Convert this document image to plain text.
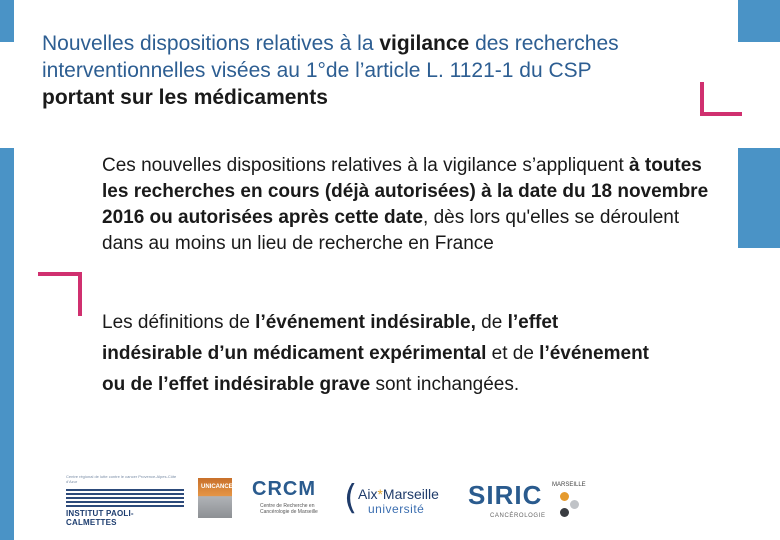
Nouvelles dispositions relatives à la vigilance des recherches
interventionnelles visées au 1°de l’article L. 1121-1 du CSP
portant sur les médicaments
Ces nouvelles dispositions relatives à la vigilance s’appliquent à toutes les recherches en cours (déjà autorisées) à la date du 18 novembre 2016 ou autorisées après cette date, dès lors qu'elles se déroulent dans au moins un lieu de recherche en France
Les définitions de l’événement indésirable, de l’effet indésirable d’un médicament expérimental et de l’événement ou de l’effet indésirable grave sont inchangées.
Centre régional de lutte contre le cancer Provence-Alpes-Côte d'Azur
INSTITUT PAOLI-CALMETTES
UNICANCER CRCM
Centre de Recherche en Cancérologie de Marseille ( Aix*Marseille
université SIRIC	MARSEILLE
CANCÉROLOGIE
